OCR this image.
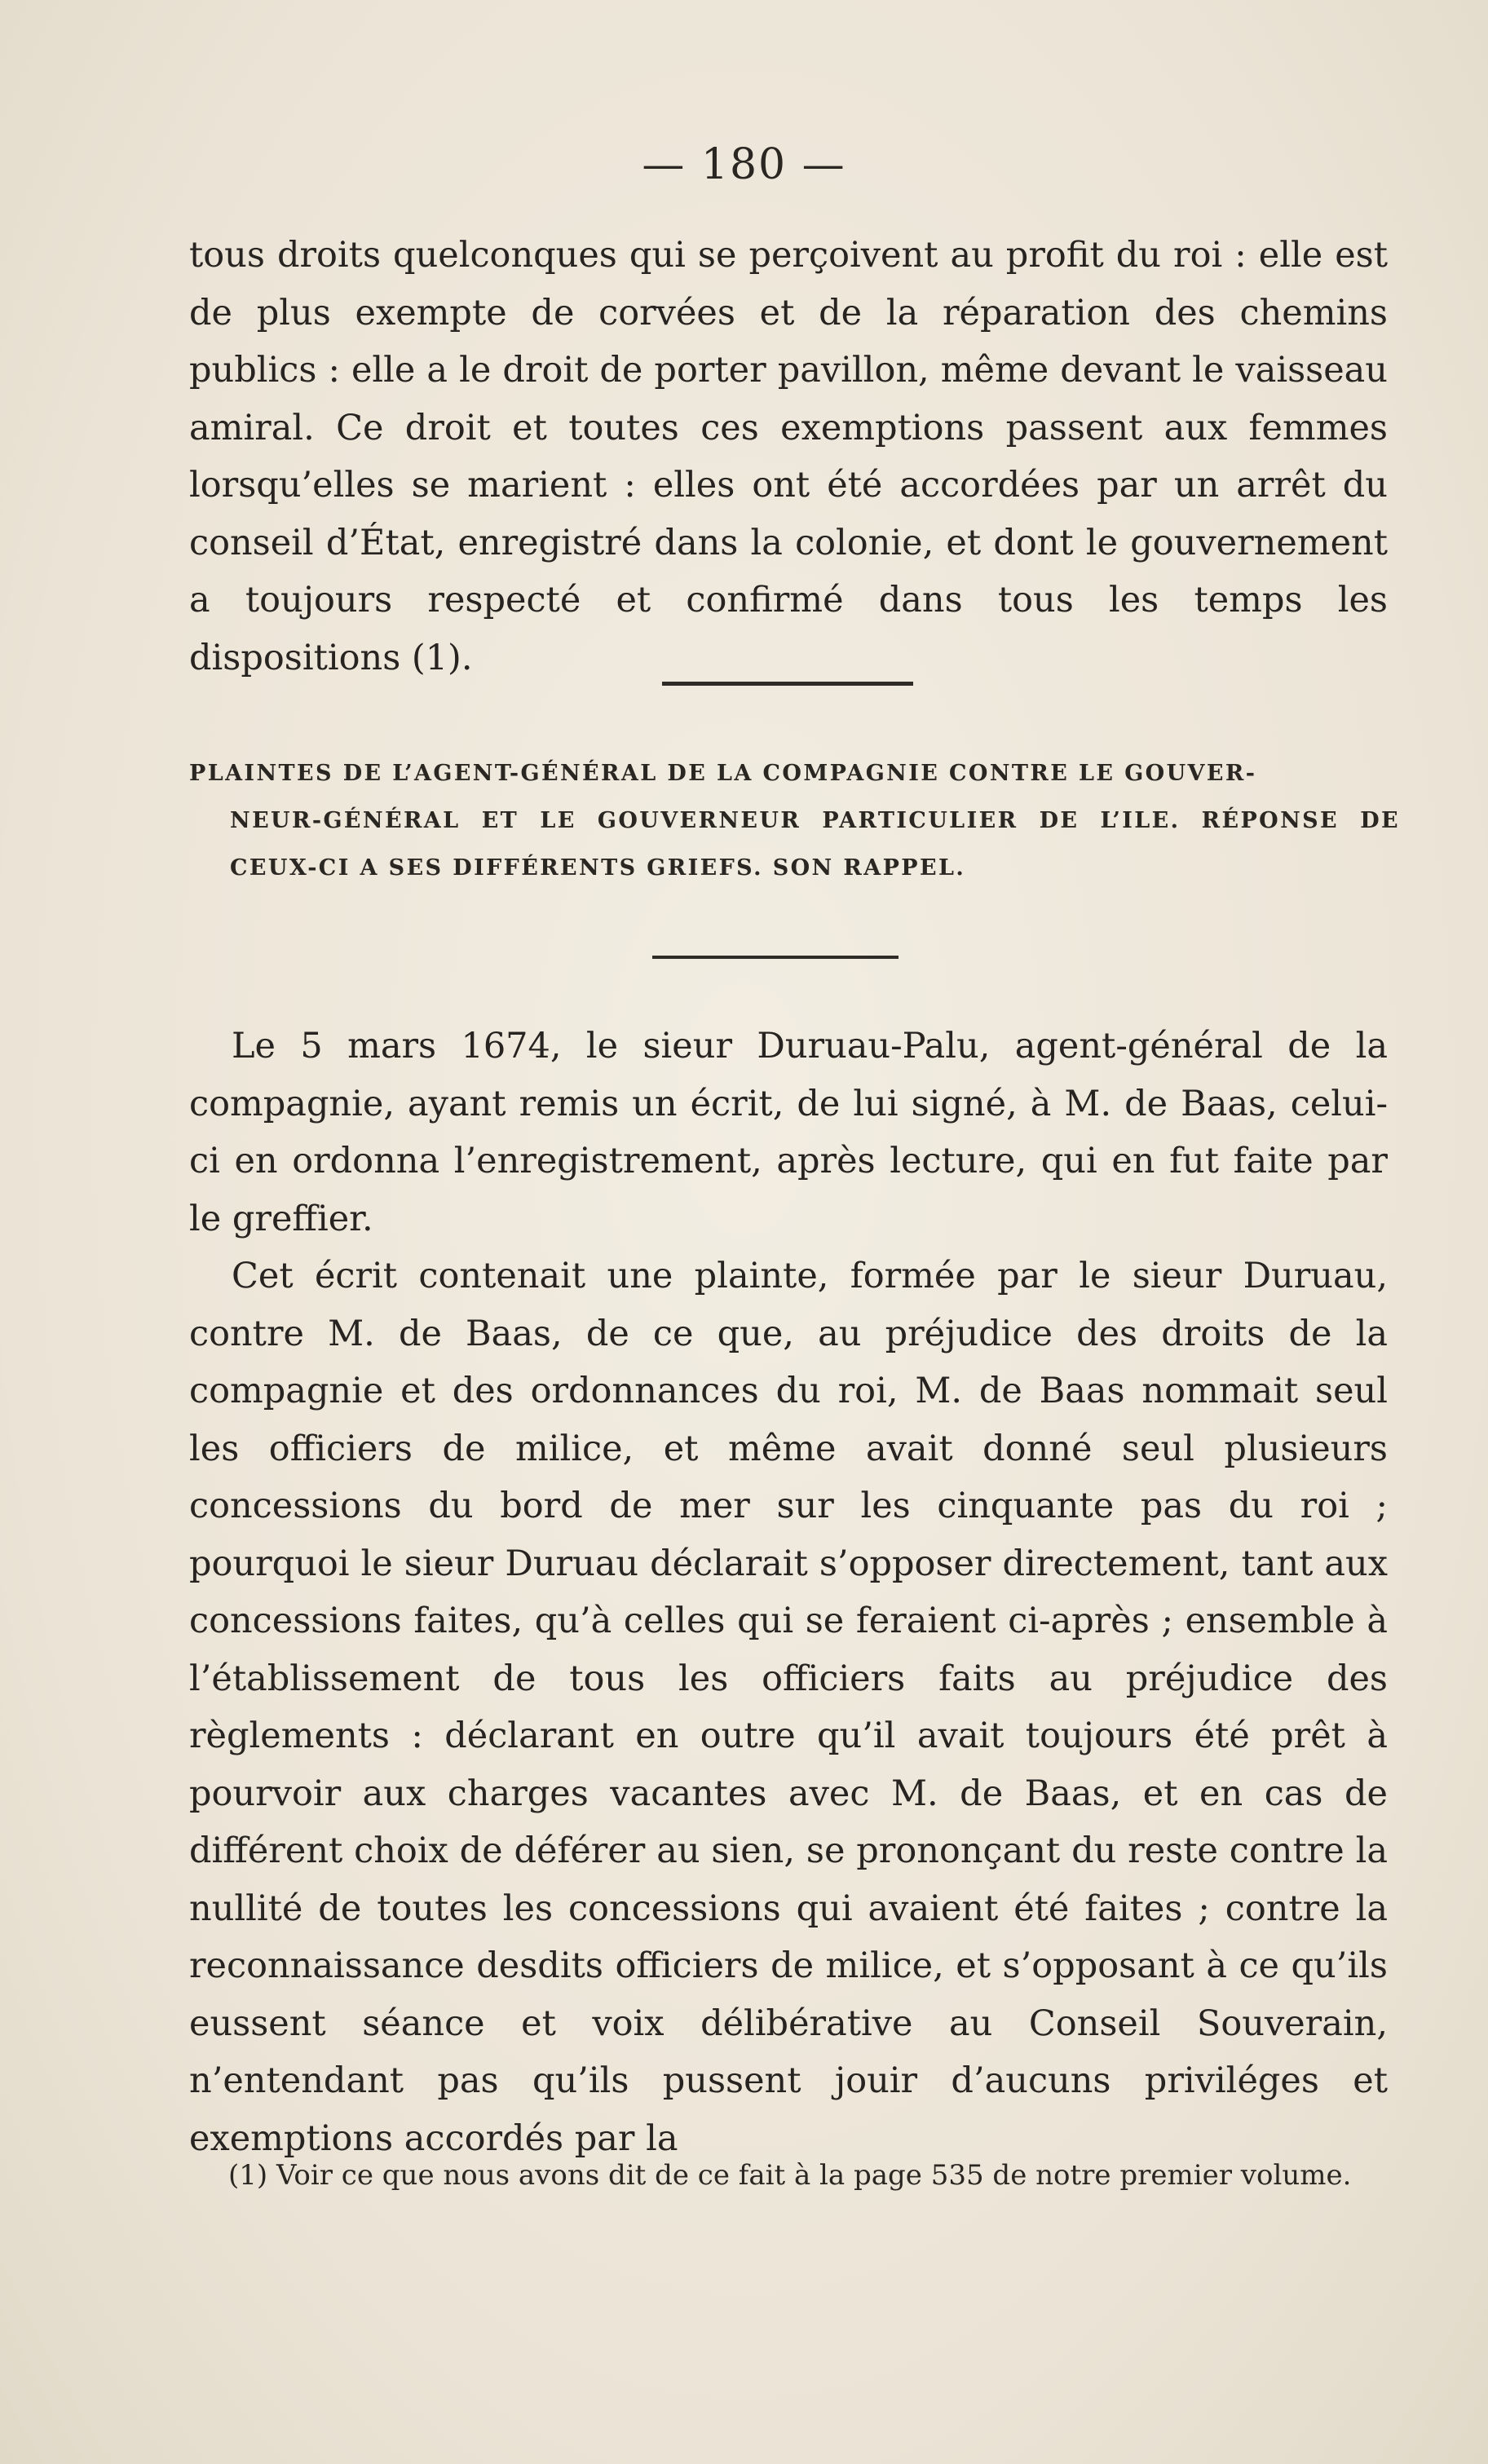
— 180 —

tous droits quelconques qui se perçoivent au profit du roi : elle est de plus exempte de corvées et de la réparation des chemins publics : elle a le droit de porter pavillon, même devant le vaisseau amiral. Ce droit et toutes ces exemptions passent aux femmes lorsqu’elles se marient : elles ont été accordées par un arrêt du conseil d’État, enregistré dans la colonie, et dont le gouvernement a toujours respecté et confirmé dans tous les temps les dispositions (1).

PLAINTES DE L’AGENT-GÉNÉRAL DE LA COMPAGNIE CONTRE LE GOUVER-
NEUR-GÉNÉRAL ET LE GOUVERNEUR PARTICULIER DE L’ILE. RÉPONSE DE CEUX-CI A SES DIFFÉRENTS GRIEFS. SON RAPPEL.

Le 5 mars 1674, le sieur Duruau-Palu, agent-général de la compagnie, ayant remis un écrit, de lui signé, à M. de Baas, celui-ci en ordonna l’enregistrement, après lecture, qui en fut faite par le greffier.

Cet écrit contenait une plainte, formée par le sieur Duruau, contre M. de Baas, de ce que, au préjudice des droits de la compagnie et des ordonnances du roi, M. de Baas nommait seul les officiers de milice, et même avait donné seul plusieurs concessions du bord de mer sur les cinquante pas du roi ; pourquoi le sieur Duruau déclarait s’opposer directement, tant aux concessions faites, qu’à celles qui se feraient ci-après ; ensemble à l’établissement de tous les officiers faits au préjudice des règlements : déclarant en outre qu’il avait toujours été prêt à pourvoir aux charges vacantes avec M. de Baas, et en cas de différent choix de déférer au sien, se prononçant du reste contre la nullité de toutes les concessions qui avaient été faites ; contre la reconnaissance desdits officiers de milice, et s’opposant à ce qu’ils eussent séance et voix délibérative au Conseil Souverain, n’entendant pas qu’ils pussent jouir d’aucuns priviléges et exemptions accordés par la

(1) Voir ce que nous avons dit de ce fait à la page 535 de notre premier volume.
